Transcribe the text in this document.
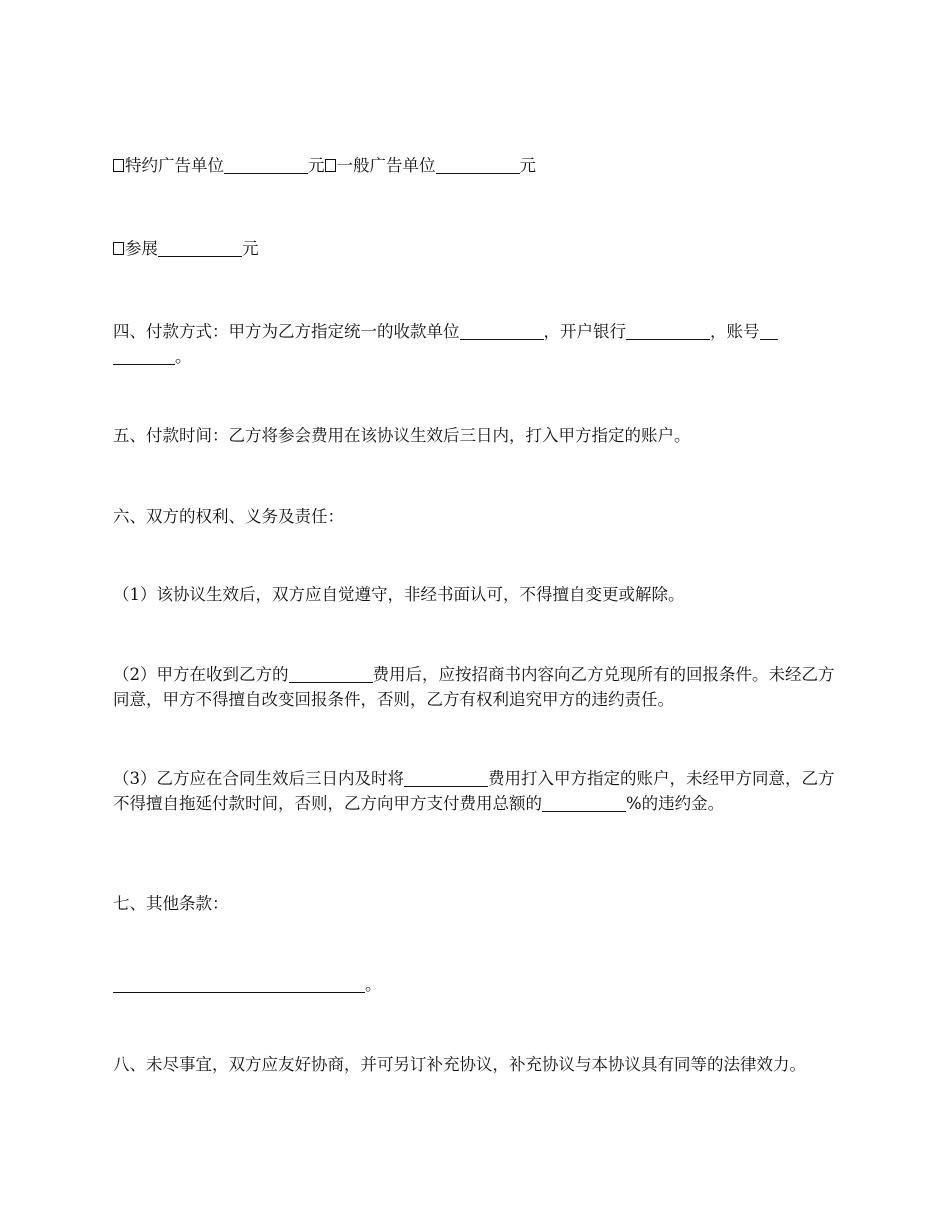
特约广告单位	元 一般广告单位	元

参展	元

四、付款方式：甲方为乙方指定统一的收款单位	，开户银行	，账号
。

五、付款时间：乙方将参会费用在该协议生效后三日内，打入甲方指定的账户。

六、双方的权利、义务及责任：

（1）该协议生效后，双方应自觉遵守，非经书面认可，不得擅自变更或解除。

（2）甲方在收到乙方的	费用后，应按招商书内容向乙方兑现所有的回报条件。未经乙方同意，甲方不得擅自改变回报条件，否则，乙方有权利追究甲方的违约责任。

（3）乙方应在合同生效后三日内及时将	费用打入甲方指定的账户，未经甲方同意，乙方不得擅自拖延付款时间，否则，乙方向甲方支付费用总额的	%的违约金。

七、其他条款：

。

八、未尽事宜，双方应友好协商，并可另订补充协议，补充协议与本协议具有同等的法律效力。
